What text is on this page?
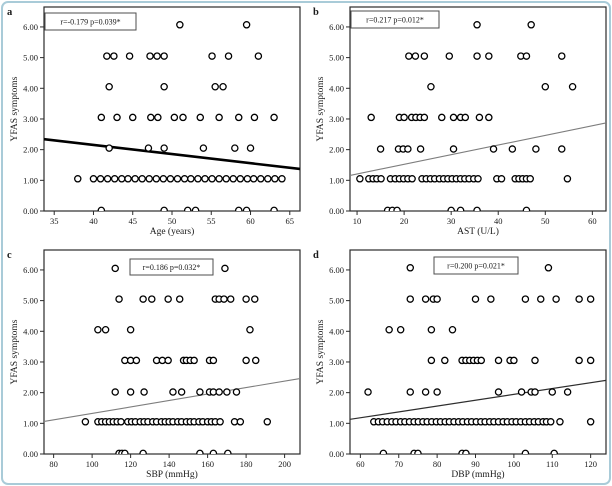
35	40	45	50	55	60	65
0.00
1.00
2.00
3.00
4.00
5.00
6.00
Age (years)
YFAS symptoms
a
r=-0.179 p=0.039*
10	20	30	40	50	60
0.00
1.00
2.00
3.00
4.00
5.00
6.00
AST (U/L)
YFAS symptoms
b
r=0.217 p=0.012*
80	100	120	140	160	180	200
0.00
1.00
2.00
3.00
4.00
5.00
6.00
SBP (mmHg)
YFAS symptoms
c
r=0.186 p=0.032*
60	70	80	90	100	110	120
0.00
1.00
2.00
3.00
4.00
5.00
6.00
DBP (mmHg)
YFAS symptoms
d
r=0.200 p=0.021*
